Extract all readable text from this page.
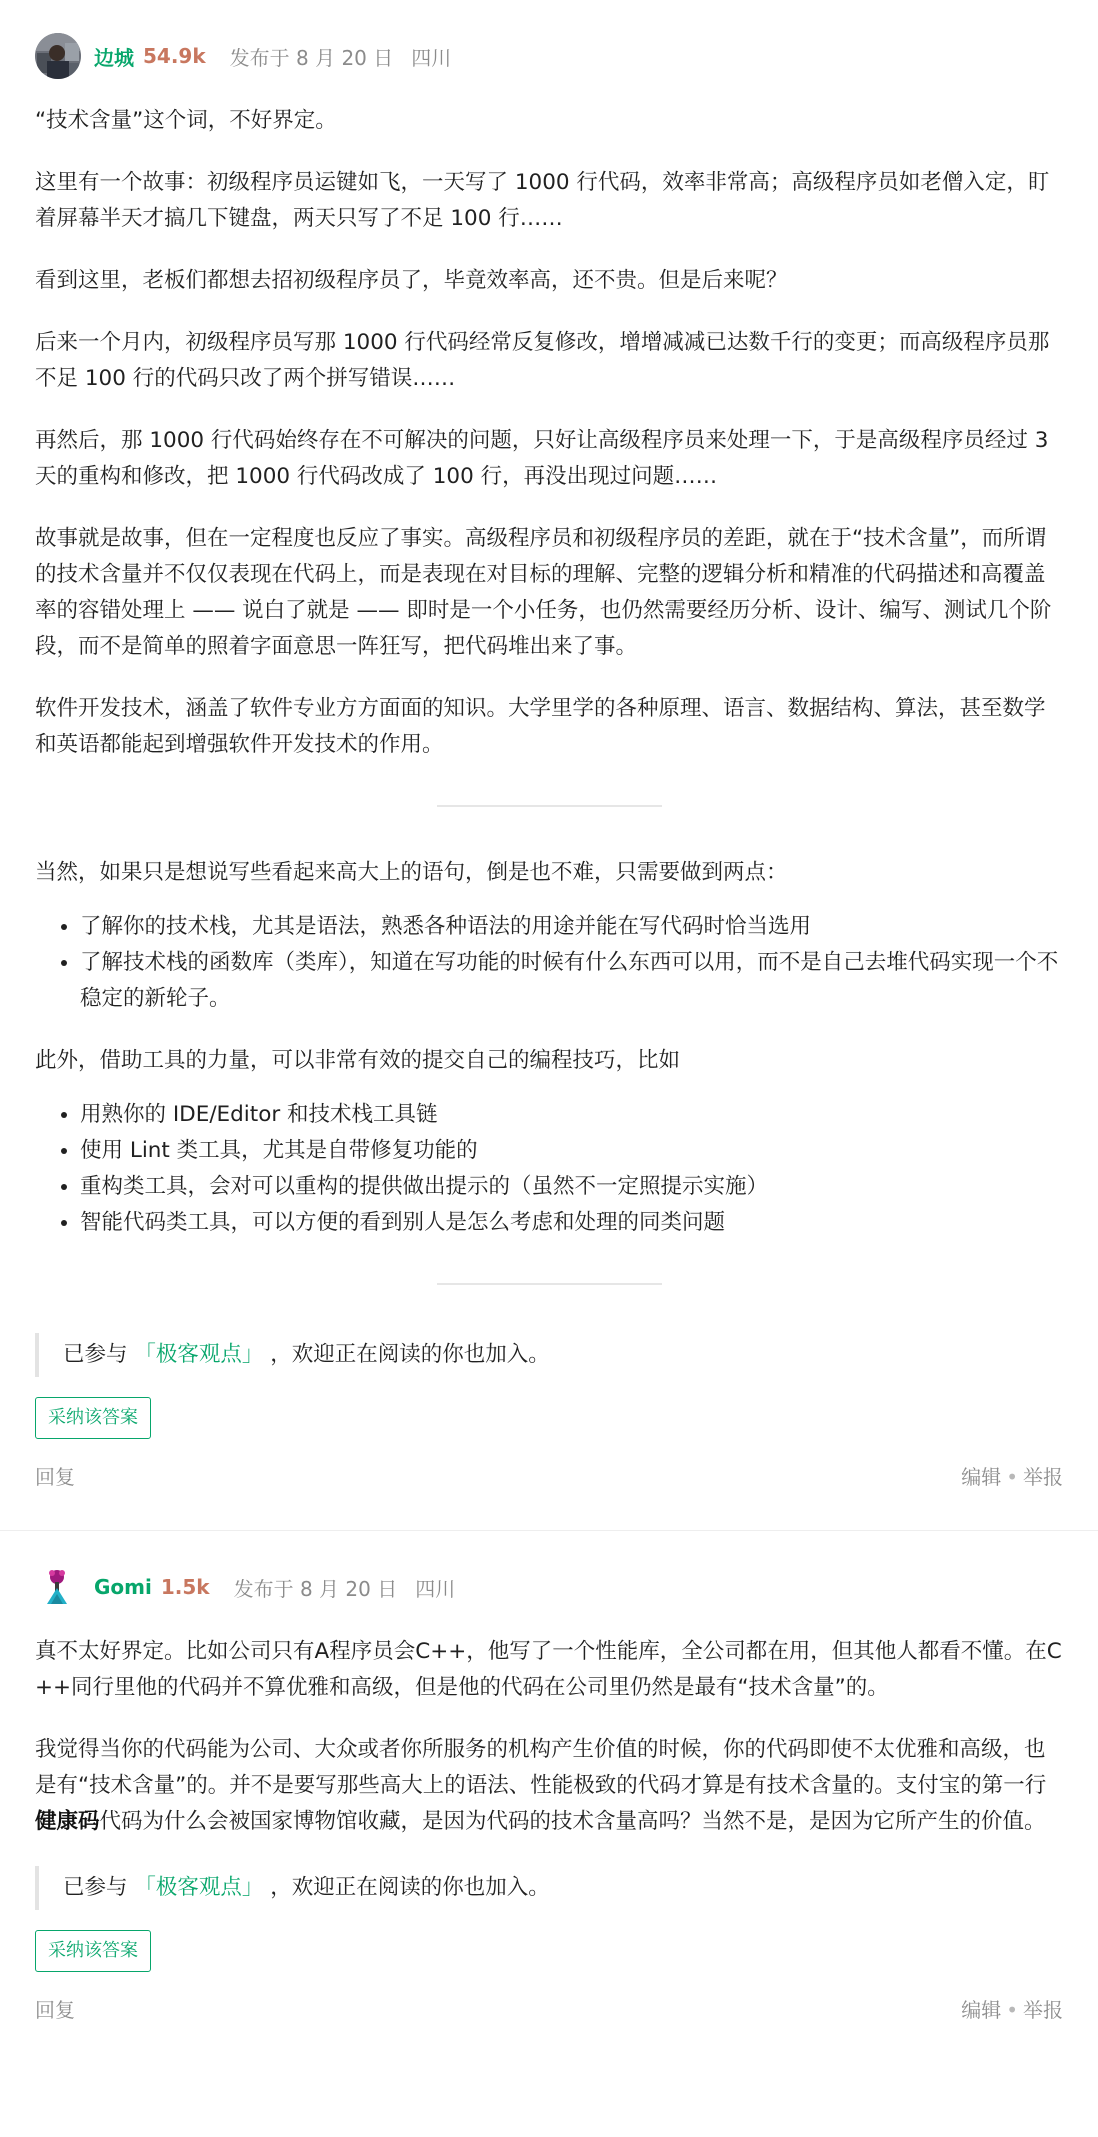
边城 54.9k 发布于 8 月 20 日 四川

“技术含量”这个词，不好界定。

这里有一个故事：初级程序员运键如飞，一天写了 1000 行代码，效率非常高；高级程序员如老僧入定，盯着屏幕半天才搞几下键盘，两天只写了不足 100 行……

看到这里，老板们都想去招初级程序员了，毕竟效率高，还不贵。但是后来呢？

后来一个月内，初级程序员写那 1000 行代码经常反复修改，增增减减已达数千行的变更；而高级程序员那不足 100 行的代码只改了两个拼写错误……

再然后，那 1000 行代码始终存在不可解决的问题，只好让高级程序员来处理一下，于是高级程序员经过 3 天的重构和修改，把 1000 行代码改成了 100 行，再没出现过问题……

故事就是故事，但在一定程度也反应了事实。高级程序员和初级程序员的差距，就在于“技术含量”，而所谓的技术含量并不仅仅表现在代码上，而是表现在对目标的理解、完整的逻辑分析和精准的代码描述和高覆盖率的容错处理上 —— 说白了就是 —— 即时是一个小任务，也仍然需要经历分析、设计、编写、测试几个阶段，而不是简单的照着字面意思一阵狂写，把代码堆出来了事。

软件开发技术，涵盖了软件专业方方面面的知识。大学里学的各种原理、语言、数据结构、算法，甚至数学和英语都能起到增强软件开发技术的作用。

当然，如果只是想说写些看起来高大上的语句，倒是也不难，只需要做到两点：

• 了解你的技术栈，尤其是语法，熟悉各种语法的用途并能在写代码时恰当选用
• 了解技术栈的函数库（类库），知道在写功能的时候有什么东西可以用，而不是自己去堆代码实现一个不稳定的新轮子。

此外，借助工具的力量，可以非常有效的提交自己的编程技巧，比如

• 用熟你的 IDE/Editor 和技术栈工具链
• 使用 Lint 类工具，尤其是自带修复功能的
• 重构类工具，会对可以重构的提供做出提示的（虽然不一定照提示实施）
• 智能代码类工具，可以方便的看到别人是怎么考虑和处理的同类问题
已参与 「极客观点」 ，欢迎正在阅读的你也加入。
采纳该答案
回复	编辑 • 举报
Gomi 1.5k 发布于 8 月 20 日 四川

真不太好界定。比如公司只有A程序员会C++，他写了一个性能库，全公司都在用，但其他人都看不懂。在C++同行里他的代码并不算优雅和高级，但是他的代码在公司里仍然是最有“技术含量”的。

我觉得当你的代码能为公司、大众或者你所服务的机构产生价值的时候，你的代码即使不太优雅和高级，也是有“技术含量”的。并不是要写那些高大上的语法、性能极致的代码才算是有技术含量的。支付宝的第一行健康码代码为什么会被国家博物馆收藏，是因为代码的技术含量高吗？当然不是，是因为它所产生的价值。

已参与 「极客观点」 ，欢迎正在阅读的你也加入。
采纳该答案
回复	编辑 • 举报
